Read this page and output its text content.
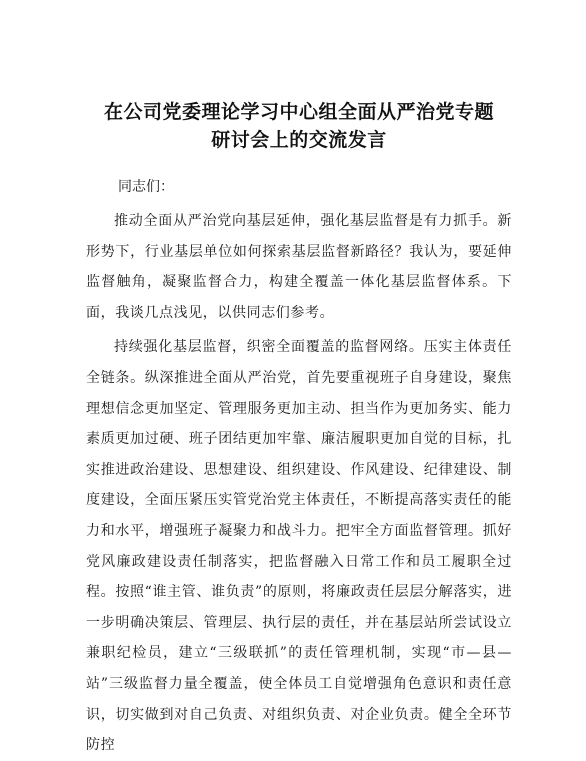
在公司党委理论学习中心组全面从严治党专题
研讨会上的交流发言

同志们：

推动全面从严治党向基层延伸，强化基层监督是有力抓手。新形势下，行业基层单位如何探索基层监督新路径？我认为，要延伸监督触角，凝聚监督合力，构建全覆盖一体化基层监督体系。下面，我谈几点浅见，以供同志们参考。

持续强化基层监督，织密全面覆盖的监督网络。压实主体责任全链条。纵深推进全面从严治党，首先要重视班子自身建设，聚焦理想信念更加坚定、管理服务更加主动、担当作为更加务实、能力素质更加过硬、班子团结更加牢靠、廉洁履职更加自觉的目标，扎实推进政治建设、思想建设、组织建设、作风建设、纪律建设、制度建设，全面压紧压实管党治党主体责任，不断提高落实责任的能力和水平，增强班子凝聚力和战斗力。把牢全方面监督管理。抓好党风廉政建设责任制落实，把监督融入日常工作和员工履职全过程。按照“谁主管、谁负责”的原则，将廉政责任层层分解落实，进一步明确决策层、管理层、执行层的责任，并在基层站所尝试设立兼职纪检员，建立“三级联抓”的责任管理机制，实现“市—县—站”三级监督力量全覆盖，使全体员工自觉增强角色意识和责任意识，切实做到对自己负责、对组织负责、对企业负责。健全全环节防控
